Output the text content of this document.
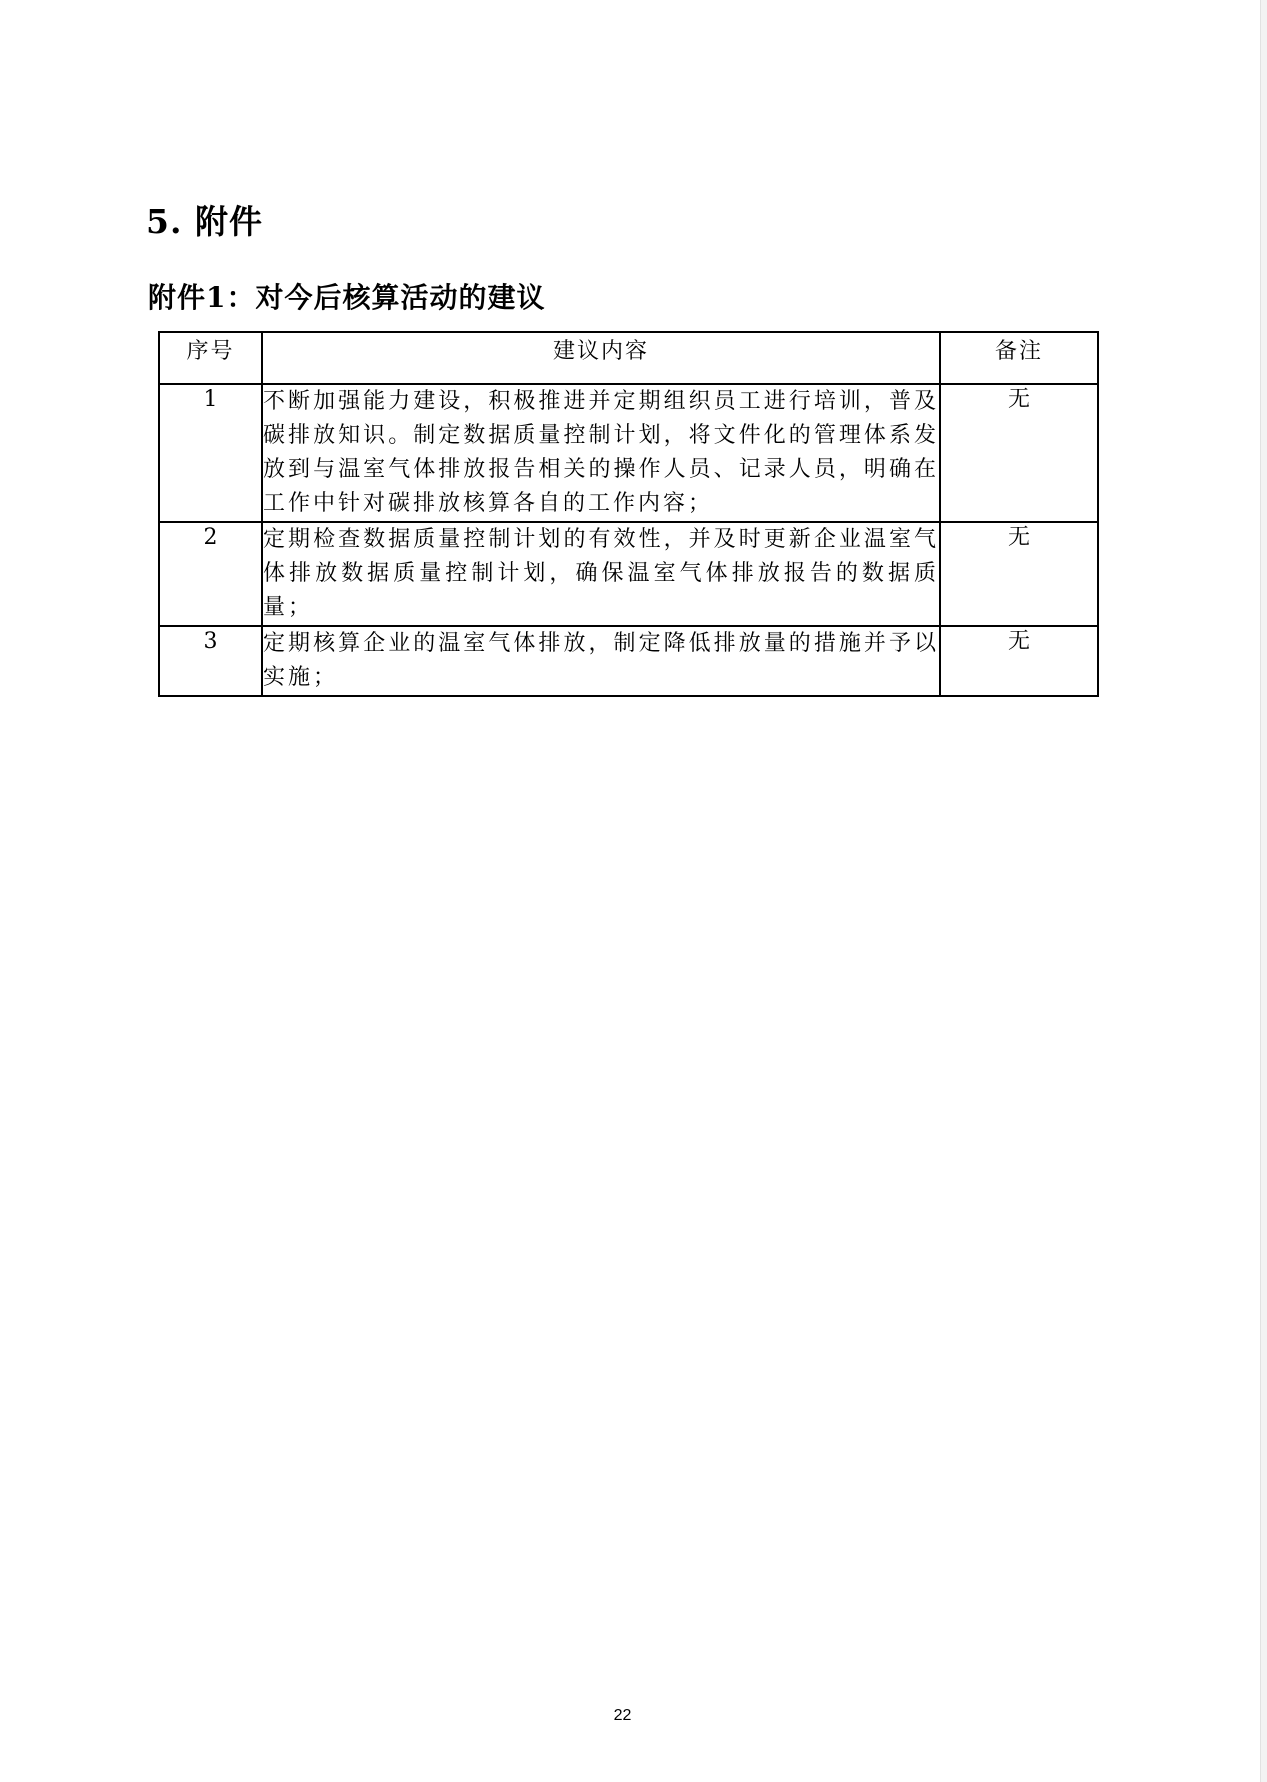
5. 附件
附件1：对今后核算活动的建议
序号	建议内容	备注
1	不断加强能力建设，积极推进并定期组织员工进行培训，普及碳排放知识。制定数据质量控制计划，将文件化的管理体系发放到与温室气体排放报告相关的操作人员、记录人员，明确在工作中针对碳排放核算各自的工作内容；	无
2	定期检查数据质量控制计划的有效性，并及时更新企业温室气体排放数据质量控制计划，确保温室气体排放报告的数据质量；	无
3	定期核算企业的温室气体排放，制定降低排放量的措施并予以实施；	无
22
